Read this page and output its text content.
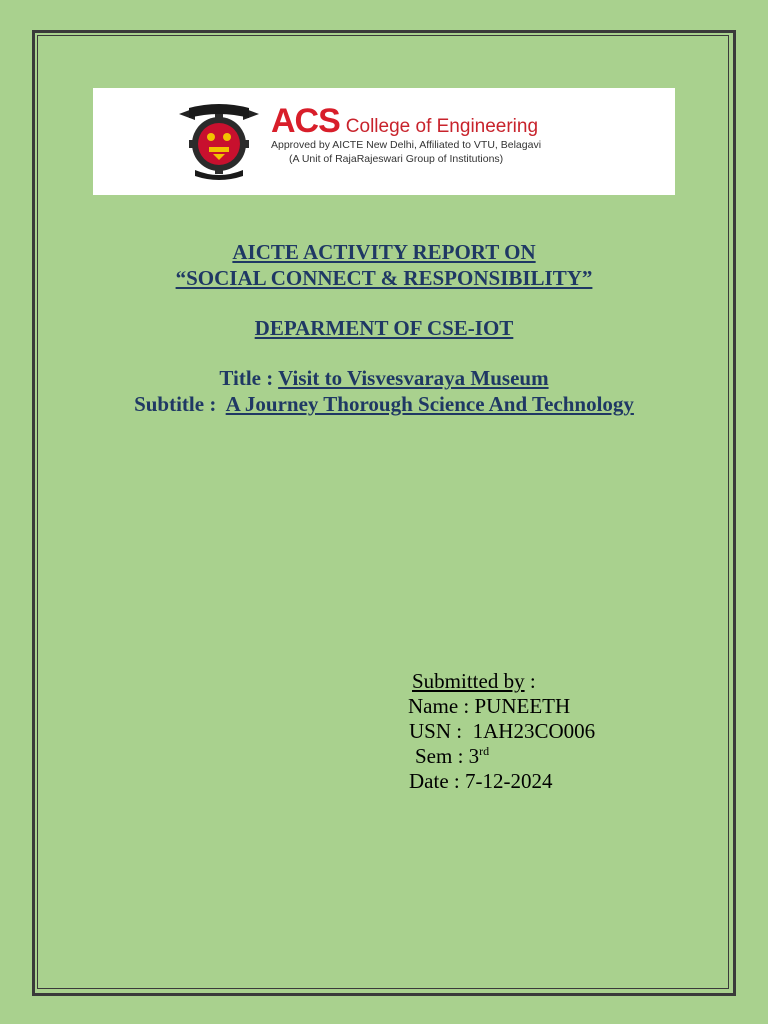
ACS College of Engineering
Approved by AICTE New Delhi, Affiliated to VTU, Belagavi
(A Unit of RajaRajeswari Group of Institutions)
AICTE ACTIVITY REPORT ON
“SOCIAL CONNECT & RESPONSIBILITY”
DEPARMENT OF CSE-IOT
Title : Visit to Visvesvaraya Museum
Subtitle :  A Journey Thorough Science And Technology
Submitted by :
Name : PUNEETH
USN :  1AH23CO006
Sem : 3rd
Date : 7-12-2024
